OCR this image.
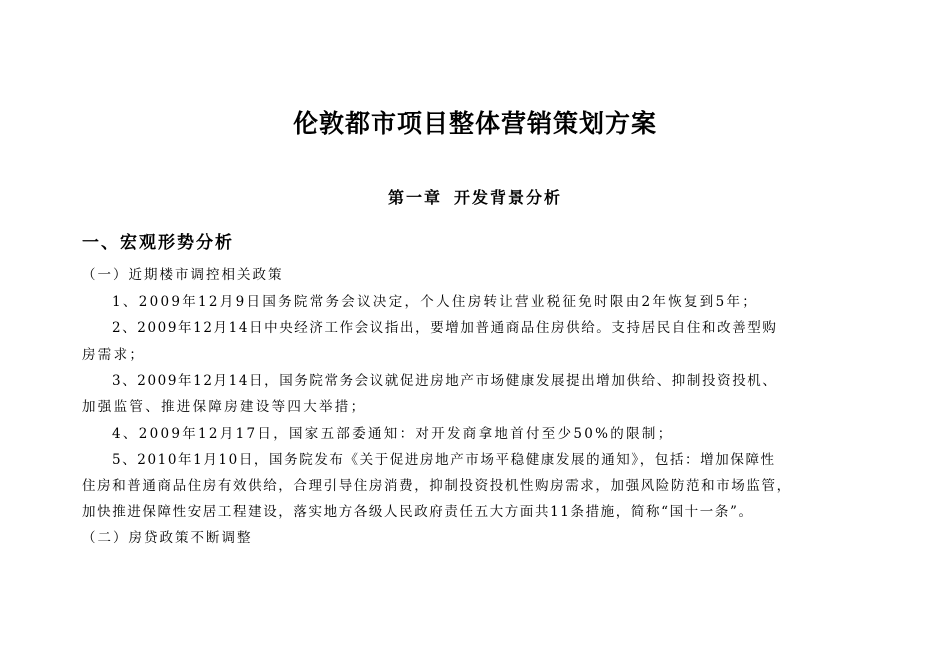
伦敦都市项目整体营销策划方案
第一章 开发背景分析
一、宏观形势分析
（一）近期楼市调控相关政策
1、2009年12月9日国务院常务会议决定，个人住房转让营业税征免时限由2年恢复到5年；
2、2009年12月14日中央经济工作会议指出，要增加普通商品住房供给。支持居民自住和改善型购
房需求；
3、2009年12月14日，国务院常务会议就促进房地产市场健康发展提出增加供给、抑制投资投机、
加强监管、推进保障房建设等四大举措；
4、2009年12月17日，国家五部委通知：对开发商拿地首付至少50%的限制；
5、2010年1月10日，国务院发布《关于促进房地产市场平稳健康发展的通知》，包括：增加保障性
住房和普通商品住房有效供给，合理引导住房消费，抑制投资投机性购房需求，加强风险防范和市场监管，
加快推进保障性安居工程建设，落实地方各级人民政府责任五大方面共11条措施，简称“国十一条”。
（二）房贷政策不断调整
